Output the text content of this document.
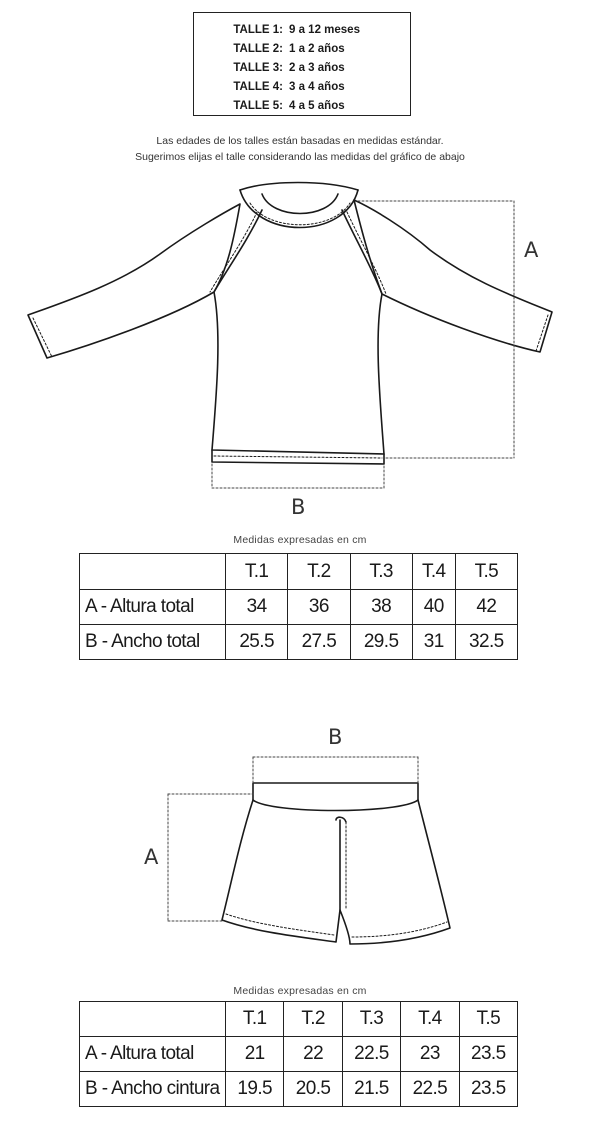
TALLE 1: 9 a 12 meses
TALLE 2: 1 a 2 años
TALLE 3: 2 a 3 años
TALLE 4: 3 a 4 años
TALLE 5: 4 a 5 años
Las edades de los talles están basadas en medidas estándar.
Sugerimos elijas el talle considerando las medidas del gráfico de abajo
A
B
B
A
Medidas expresadas en cm
	T.1	T.2	T.3	T.4	T.5
A - Altura total	34	36	38	40	42
B - Ancho total	25.5	27.5	29.5	31	32.5
Medidas expresadas en cm
	T.1	T.2	T.3	T.4	T.5
A - Altura total	21	22	22.5	23	23.5
B - Ancho cintura	19.5	20.5	21.5	22.5	23.5
